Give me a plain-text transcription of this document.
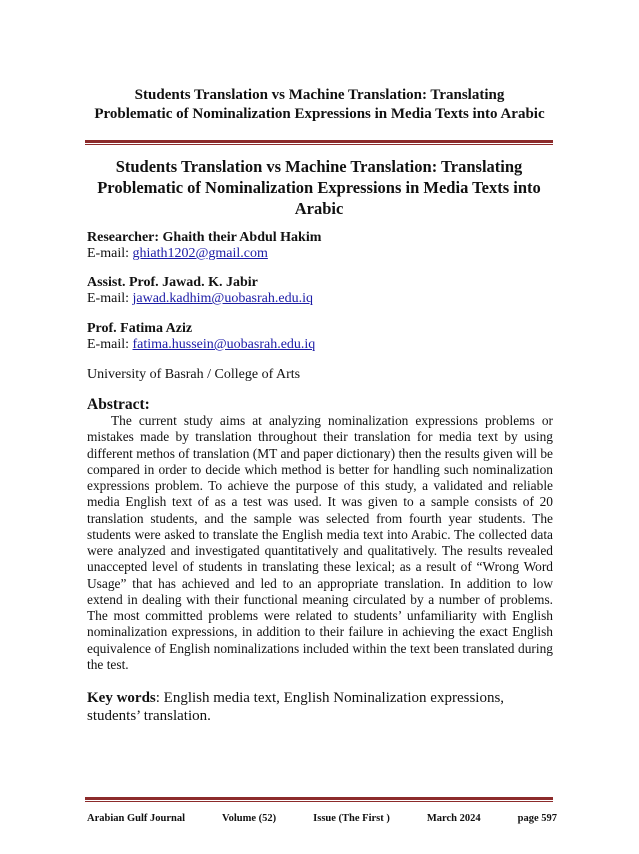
Students Translation vs Machine Translation: Translating
Problematic of Nominalization Expressions in Media Texts into Arabic
Students Translation vs Machine Translation: Translating
Problematic of Nominalization Expressions in Media Texts into
Arabic
Researcher: Ghaith their Abdul Hakim
E-mail: ghiath1202@gmail.com
Assist. Prof. Jawad. K. Jabir
E-mail: jawad.kadhim@uobasrah.edu.iq
Prof. Fatima Aziz
E-mail: fatima.hussein@uobasrah.edu.iq
University of Basrah / College of Arts
Abstract:

The current study aims at analyzing nominalization expressions problems or mistakes made by translation throughout their translation for media text by using different methos of translation (MT and paper dictionary) then the results given will be compared in order to decide which method is better for handling such nominalization expressions problem. To achieve the purpose of this study, a validated and reliable media English text of as a test was used. It was given to a sample consists of 20 translation students, and the sample was selected from fourth year students. The students were asked to translate the English media text into Arabic. The collected data were analyzed and investigated quantitatively and qualitatively. The results revealed unaccepted level of students in translating these lexical; as a result of “Wrong Word Usage” that has achieved and led to an appropriate translation. In addition to low extend in dealing with their functional meaning circulated by a number of problems. The most committed problems were related to students’ unfamiliarity with English nominalization expressions, in addition to their failure in achieving the exact English equivalence of English nominalizations included within the text been translated during the test.

Key words: English media text, English Nominalization expressions, students’ translation.
Arabian Gulf Journal	Volume (52)	Issue (The First )	March 2024	page 597
